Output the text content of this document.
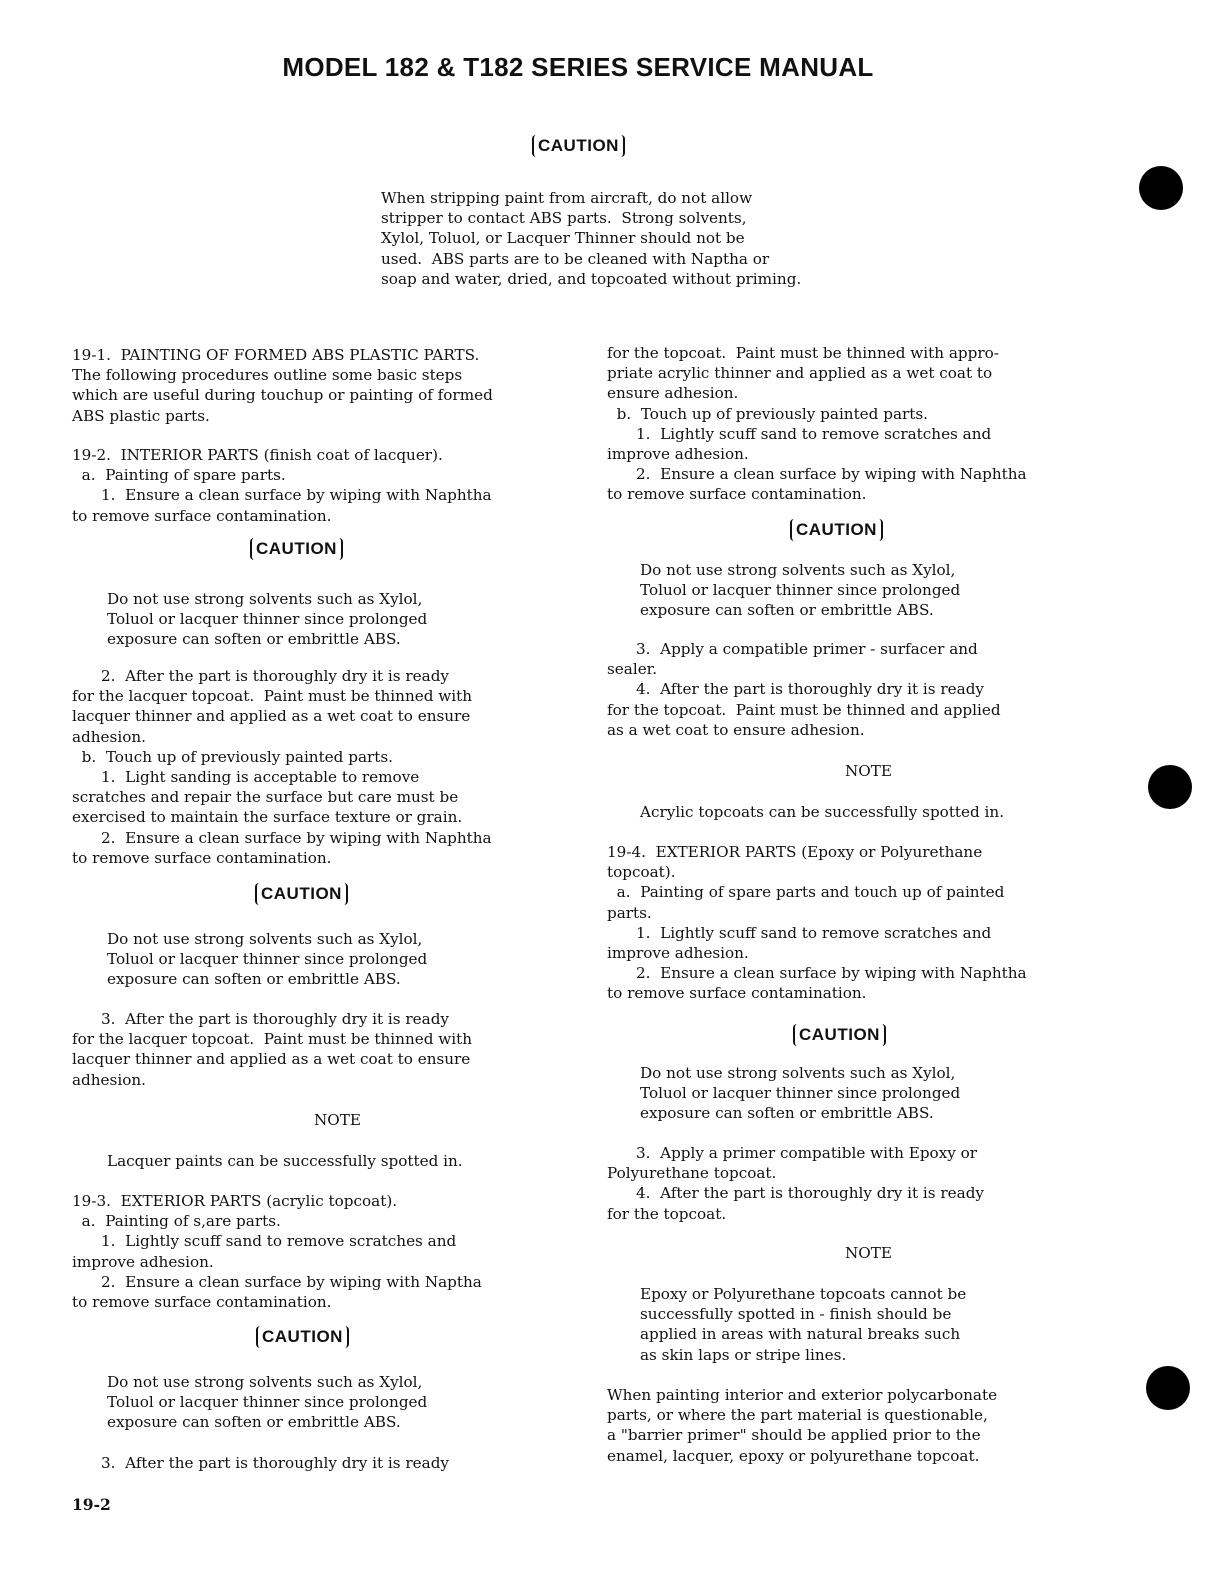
MODEL 182 & T182 SERIES SERVICE MANUAL
CAUTION
When stripping paint from aircraft, do not allow
stripper to contact ABS parts.  Strong solvents,
Xylol, Toluol, or Lacquer Thinner should not be
used.  ABS parts are to be cleaned with Naptha or
soap and water, dried, and topcoated without priming.
19-1.  PAINTING OF FORMED ABS PLASTIC PARTS.
The following procedures outline some basic steps
which are useful during touchup or painting of formed
ABS plastic parts.
19-2.  INTERIOR PARTS (finish coat of lacquer).
a.  Painting of spare parts.
1.  Ensure a clean surface by wiping with Naphtha
to remove surface contamination.
CAUTION
Do not use strong solvents such as Xylol,
Toluol or lacquer thinner since prolonged
exposure can soften or embrittle ABS.
2.  After the part is thoroughly dry it is ready
for the lacquer topcoat.  Paint must be thinned with
lacquer thinner and applied as a wet coat to ensure
adhesion.
b.  Touch up of previously painted parts.
1.  Light sanding is acceptable to remove
scratches and repair the surface but care must be
exercised to maintain the surface texture or grain.
2.  Ensure a clean surface by wiping with Naphtha
to remove surface contamination.
CAUTION
Do not use strong solvents such as Xylol,
Toluol or lacquer thinner since prolonged
exposure can soften or embrittle ABS.
3.  After the part is thoroughly dry it is ready
for the lacquer topcoat.  Paint must be thinned with
lacquer thinner and applied as a wet coat to ensure
adhesion.
NOTE
Lacquer paints can be successfully spotted in.
19-3.  EXTERIOR PARTS (acrylic topcoat).
a.  Painting of s,are parts.
1.  Lightly scuff sand to remove scratches and
improve adhesion.
2.  Ensure a clean surface by wiping with Naptha
to remove surface contamination.
CAUTION
Do not use strong solvents such as Xylol,
Toluol or lacquer thinner since prolonged
exposure can soften or embrittle ABS.
3.  After the part is thoroughly dry it is ready
for the topcoat.  Paint must be thinned with appro-
priate acrylic thinner and applied as a wet coat to
ensure adhesion.
b.  Touch up of previously painted parts.
1.  Lightly scuff sand to remove scratches and
improve adhesion.
2.  Ensure a clean surface by wiping with Naphtha
to remove surface contamination.
CAUTION
Do not use strong solvents such as Xylol,
Toluol or lacquer thinner since prolonged
exposure can soften or embrittle ABS.
3.  Apply a compatible primer - surfacer and
sealer.
4.  After the part is thoroughly dry it is ready
for the topcoat.  Paint must be thinned and applied
as a wet coat to ensure adhesion.
NOTE
Acrylic topcoats can be successfully spotted in.
19-4.  EXTERIOR PARTS (Epoxy or Polyurethane
topcoat).
a.  Painting of spare parts and touch up of painted
parts.
1.  Lightly scuff sand to remove scratches and
improve adhesion.
2.  Ensure a clean surface by wiping with Naphtha
to remove surface contamination.
CAUTION
Do not use strong solvents such as Xylol,
Toluol or lacquer thinner since prolonged
exposure can soften or embrittle ABS.
3.  Apply a primer compatible with Epoxy or
Polyurethane topcoat.
4.  After the part is thoroughly dry it is ready
for the topcoat.
NOTE
Epoxy or Polyurethane topcoats cannot be
successfully spotted in - finish should be
applied in areas with natural breaks such
as skin laps or stripe lines.
When painting interior and exterior polycarbonate
parts, or where the part material is questionable,
a "barrier primer" should be applied prior to the
enamel, lacquer, epoxy or polyurethane topcoat.
19-2
